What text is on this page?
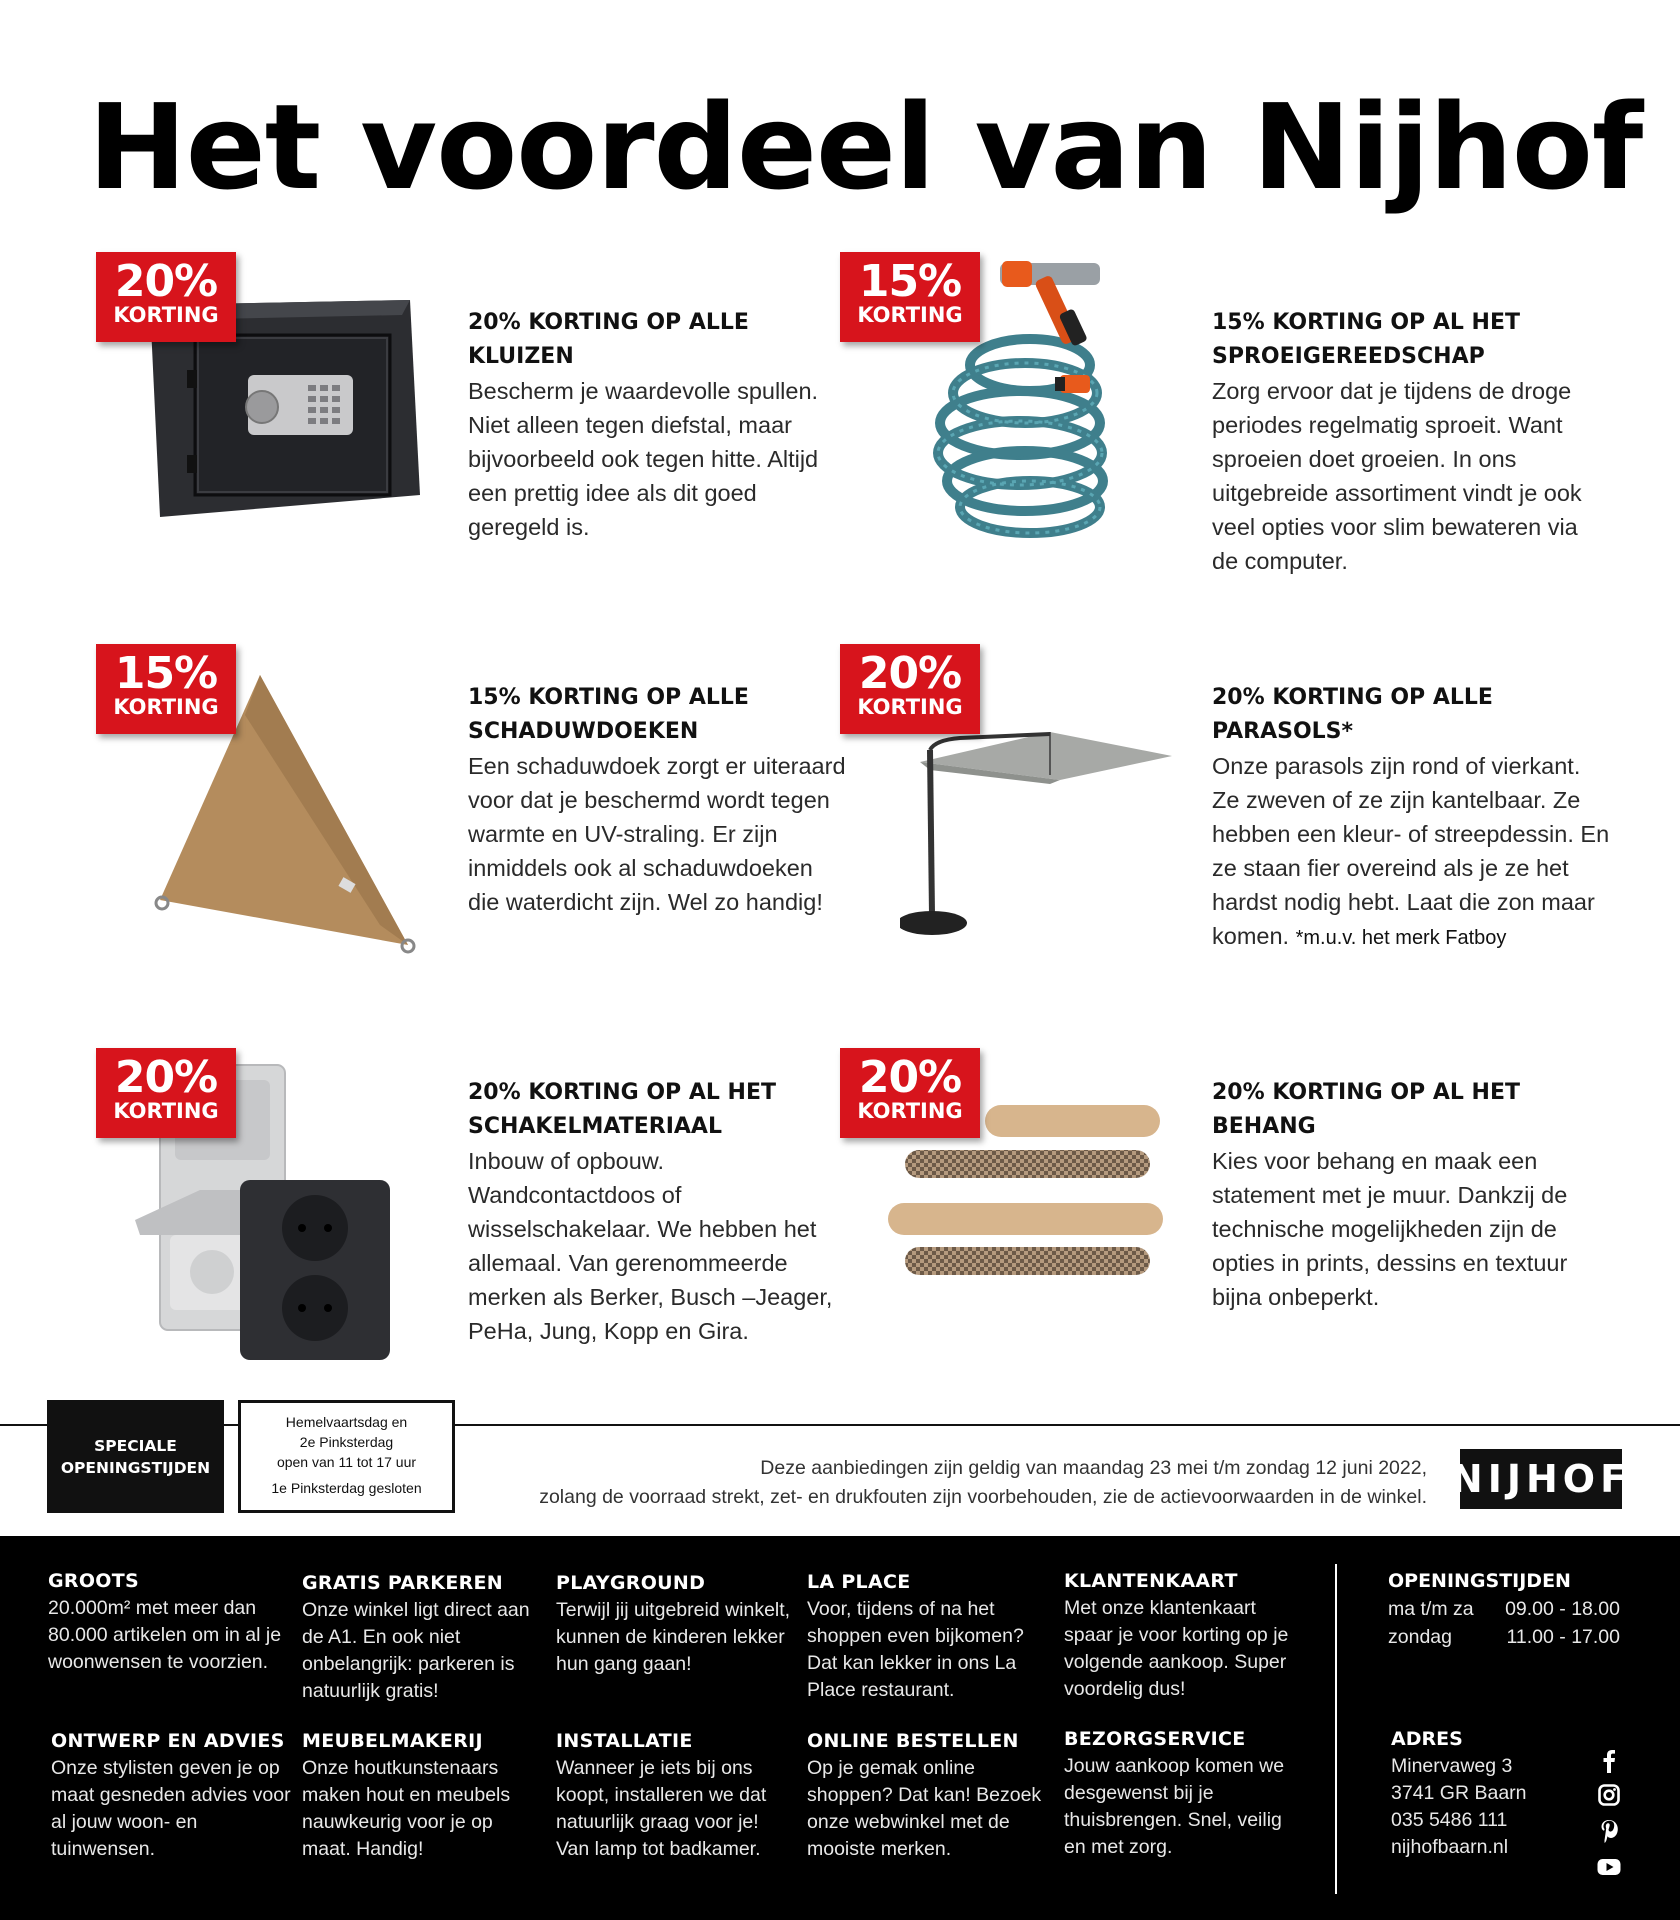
Het voordeel van Nijhof
20%
KORTING	20% KORTING OP ALLE KLUIZEN

Bescherm je waardevolle spullen. Niet alleen tegen diefstal, maar bijvoorbeeld ook tegen hitte. Altijd een prettig idee als dit goed geregeld is.

15%
KORTING	15% KORTING OP AL HET SPROEIGEREEDSCHAP

Zorg ervoor dat je tijdens de droge periodes regelmatig sproeit. Want sproeien doet groeien. In ons uitgebreide assortiment vindt je ook veel opties voor slim bewateren via de computer.

15%
KORTING	15% KORTING OP ALLE SCHADUWDOEKEN

Een schaduwdoek zorgt er uiteraard voor dat je beschermd wordt tegen warmte en UV-straling. Er zijn inmiddels ook al schaduwdoeken die waterdicht zijn. Wel zo handig!

20%
KORTING	20% KORTING OP ALLE PARASOLS*
Onze parasols zijn rond of vierkant. Ze zweven of ze zijn kantelbaar. Ze hebben een kleur- of streepdessin. En ze staan fier overeind als je ze het hardst nodig hebt. Laat die zon maar komen. *m.u.v. het merk Fatboy
20%
KORTING
20% KORTING OP AL HET SCHAKELMATERIAAL

Inbouw of opbouw. Wandcontactdoos of wisselschakelaar. We hebben het allemaal. Van gerenommeerde merken als Berker, Busch –Jeager, PeHa, Jung, Kopp en Gira.

20%
KORTING
20% KORTING OP AL HET BEHANG

Kies voor behang en maak een statement met je muur. Dankzij de technische mogelijkheden zijn de opties in prints, dessins en textuur bijna onbeperkt.

SPECIALE OPENINGSTIJDEN
Hemelvaartsdag en
2e Pinksterdag
open van 11 tot 17 uur
1e Pinksterdag gesloten
Deze aanbiedingen zijn geldig van maandag 23 mei t/m zondag 12 juni 2022,
zolang de voorraad strekt, zet- en drukfouten zijn voorbehouden, zie de actievoorwaarden in de winkel. NIJHOF
GROOTS

20.000m² met meer dan 80.000 artikelen om in al je woonwensen te voorzien.

GRATIS PARKEREN

Onze winkel ligt direct aan de A1. En ook niet onbelangrijk: parkeren is natuurlijk gratis!

PLAYGROUND

Terwijl jij uitgebreid winkelt, kunnen de kinderen lekker hun gang gaan!

LA PLACE

Voor, tijdens of na het shoppen even bijkomen? Dat kan lekker in ons La Place restaurant.

KLANTENKAART

Met onze klantenkaart spaar je voor korting op je volgende aankoop. Super voordelig dus!

ONTWERP EN ADVIES

Onze stylisten geven je op maat gesneden advies voor al jouw woon- en tuinwensen.

MEUBELMAKERIJ

Onze houtkunstenaars maken hout en meubels nauwkeurig voor je op maat. Handig!

INSTALLATIE

Wanneer je iets bij ons koopt, installeren we dat natuurlijk graag voor je! Van lamp tot badkamer.

ONLINE BESTELLEN

Op je gemak online shoppen? Dat kan! Bezoek onze webwinkel met de mooiste merken.

BEZORGSERVICE

Jouw aankoop komen we desgewenst bij je thuisbrengen. Snel, veilig en met zorg.

OPENINGSTIJDEN
ma t/m za 09.00 - 18.00
zondag	11.00 - 17.00
ADRES

Minervaweg 3

3741 GR Baarn

035 5486 111

nijhofbaarn.nl
